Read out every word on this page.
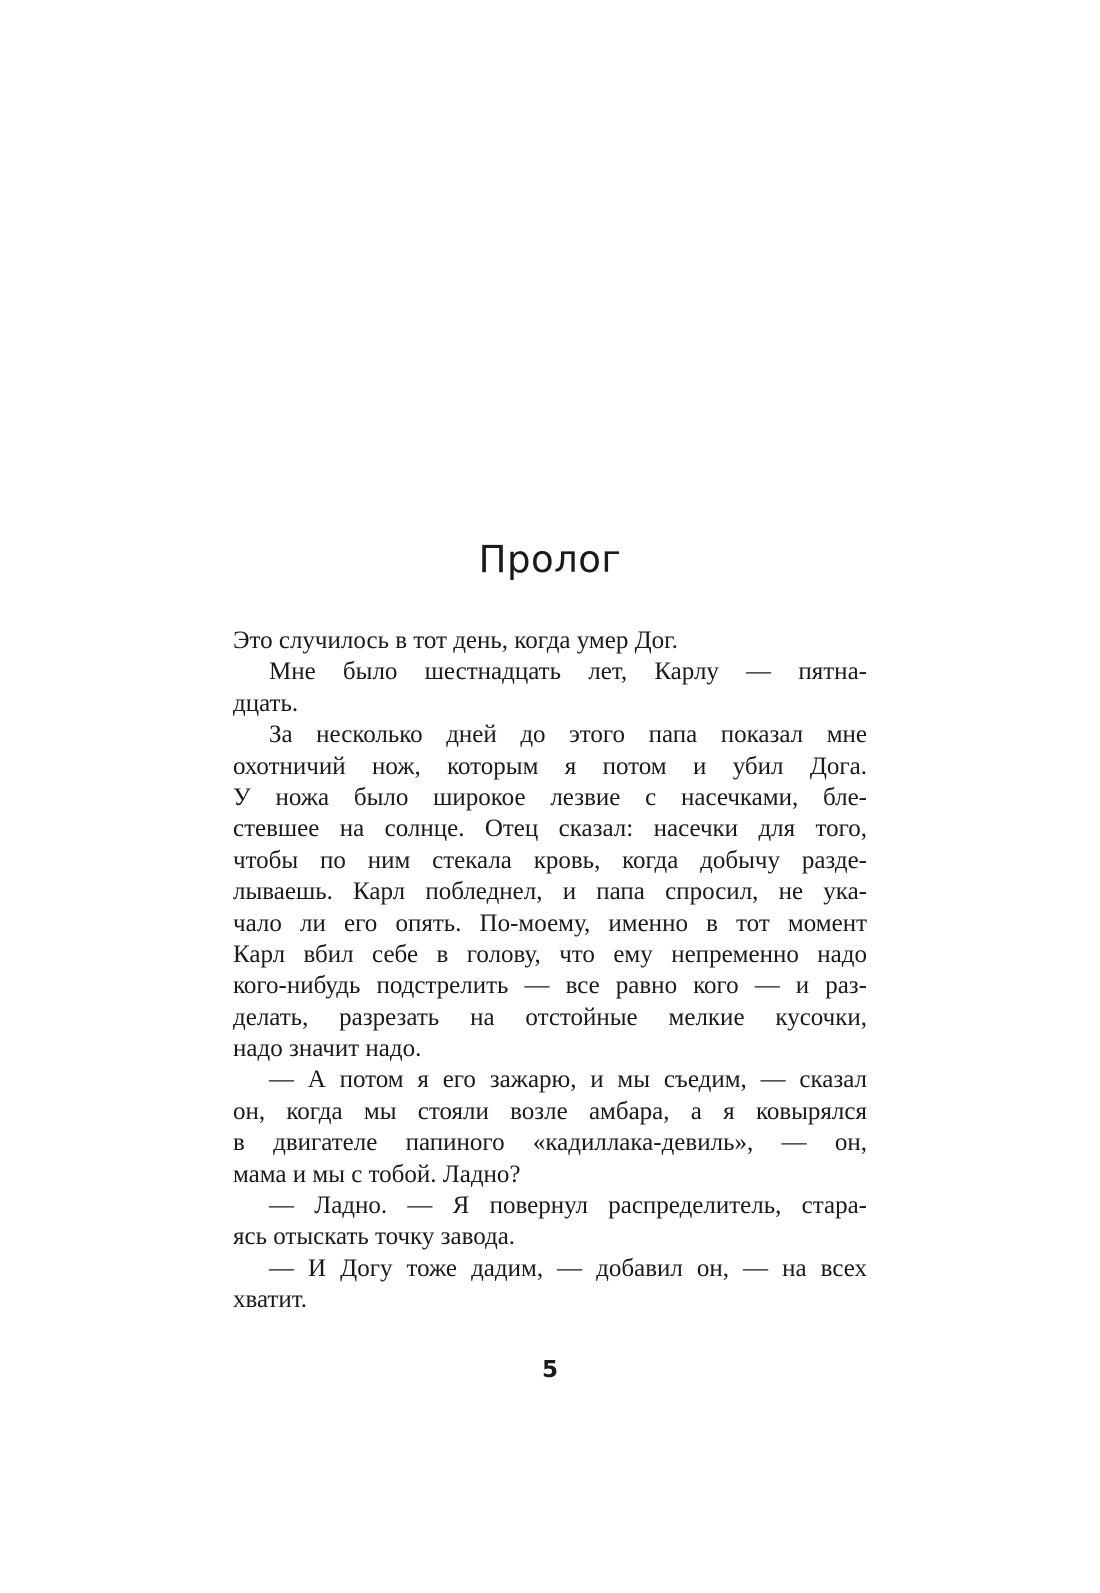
Пролог
Это случилось в тот день, когда умер Дог.
Мне было шестнадцать лет, Карлу — пятна-
дцать.
За несколько дней до этого папа показал мне
охотничий нож, которым я потом и убил Дога.
У ножа было широкое лезвие с насечками, бле-
стевшее на солнце. Отец сказал: насечки для того,
чтобы по ним стекала кровь, когда добычу разде-
лываешь. Карл побледнел, и папа спросил, не ука-
чало ли его опять. По-моему, именно в тот момент
Карл вбил себе в голову, что ему непременно надо
кого-нибудь подстрелить — все равно кого — и раз-
делать, разрезать на отстойные мелкие кусочки,
надо значит надо.
— А потом я его зажарю, и мы съедим, — сказал
он, когда мы стояли возле амбара, а я ковырялся
в двигателе папиного «кадиллака-девиль», — он,
мама и мы с тобой. Ладно?
— Ладно. — Я повернул распределитель, стара-
ясь отыскать точку завода.
— И Догу тоже дадим, — добавил он, — на всех
хватит.
5
